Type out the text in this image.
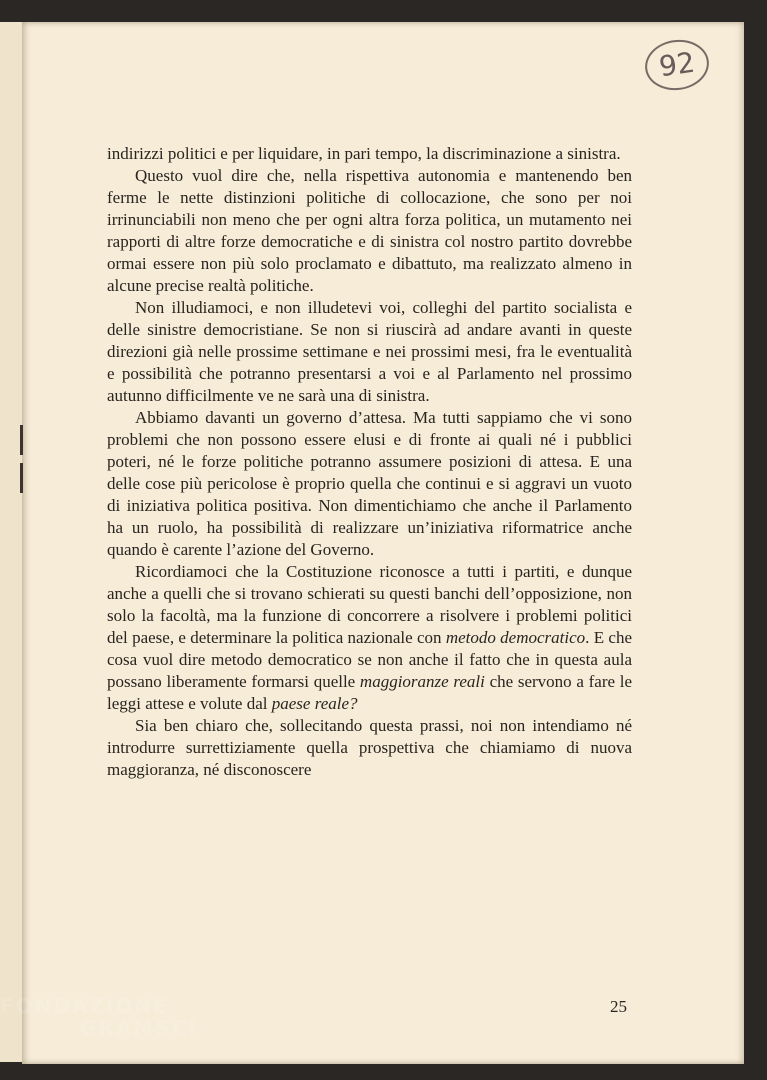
92

indirizzi politici e per liquidare, in pari tempo, la discriminazione a sinistra.

Questo vuol dire che, nella rispettiva autonomia e mantenendo ben ferme le nette distinzioni politiche di collocazione, che sono per noi irrinunciabili non meno che per ogni altra forza politica, un mutamento nei rapporti di altre forze democratiche e di sinistra col nostro partito dovrebbe ormai essere non più solo proclamato e dibattuto, ma realizzato almeno in alcune precise realtà politiche.

Non illudiamoci, e non illudetevi voi, colleghi del partito socialista e delle sinistre democristiane. Se non si riuscirà ad andare avanti in queste direzioni già nelle prossime settimane e nei prossimi mesi, fra le eventualità e possibilità che potranno presentarsi a voi e al Parlamento nel prossimo autunno difficilmente ve ne sarà una di sinistra.

Abbiamo davanti un governo d’attesa. Ma tutti sappiamo che vi sono problemi che non possono essere elusi e di fronte ai quali né i pubblici poteri, né le forze politiche potranno assumere posizioni di attesa. E una delle cose più pericolose è proprio quella che continui e si aggravi un vuoto di iniziativa politica positiva. Non dimentichiamo che anche il Parlamento ha un ruolo, ha possibilità di realizzare un’iniziativa riformatrice anche quando è carente l’azione del Governo.

Ricordiamoci che la Costituzione riconosce a tutti i partiti, e dunque anche a quelli che si trovano schierati su questi banchi dell’opposizione, non solo la facoltà, ma la funzione di concorrere a risolvere i problemi politici del paese, e determinare la politica nazionale con metodo democratico. E che cosa vuol dire metodo democratico se non anche il fatto che in questa aula possano liberamente formarsi quelle maggioranze reali che servono a fare le leggi attese e volute dal paese reale?

Sia ben chiaro che, sollecitando questa prassi, noi non intendiamo né introdurre surrettiziamente quella prospettiva che chiamiamo di nuova maggioranza, né disconoscere

25
FONDAZIONE
GRAMSCI
